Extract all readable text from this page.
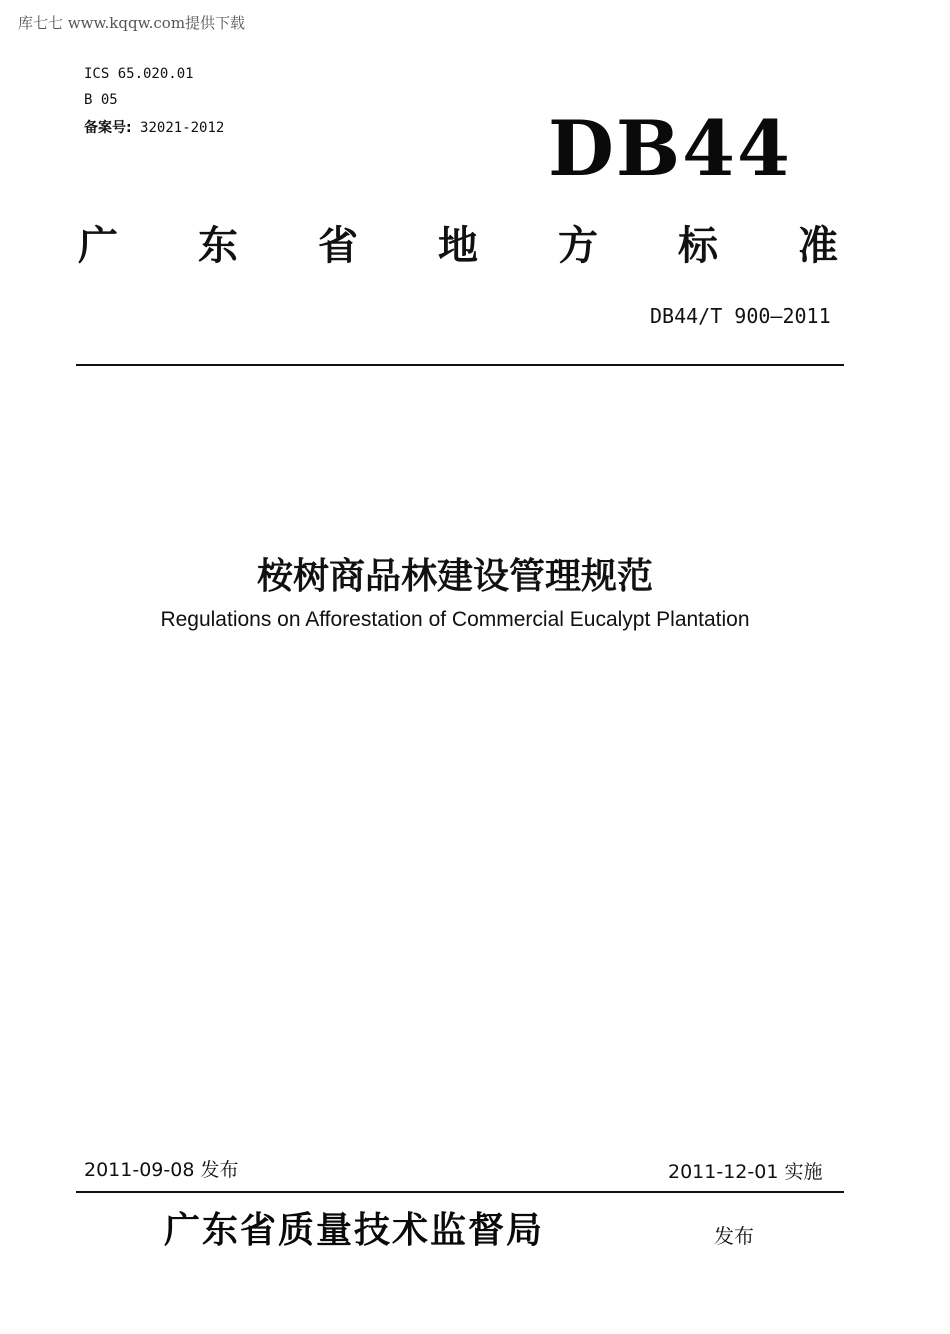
库七七 www.kqqw.com提供下载
ICS 65.020.01
B 05
备案号: 32021-2012	DB44
广 东 省 地 方 标 准
DB44/T 900—2011
桉树商品林建设管理规范
Regulations on Afforestation of Commercial Eucalypt Plantation
2011-09-08 发布	2011-12-01 实施
广东省质量技术监督局	发布
